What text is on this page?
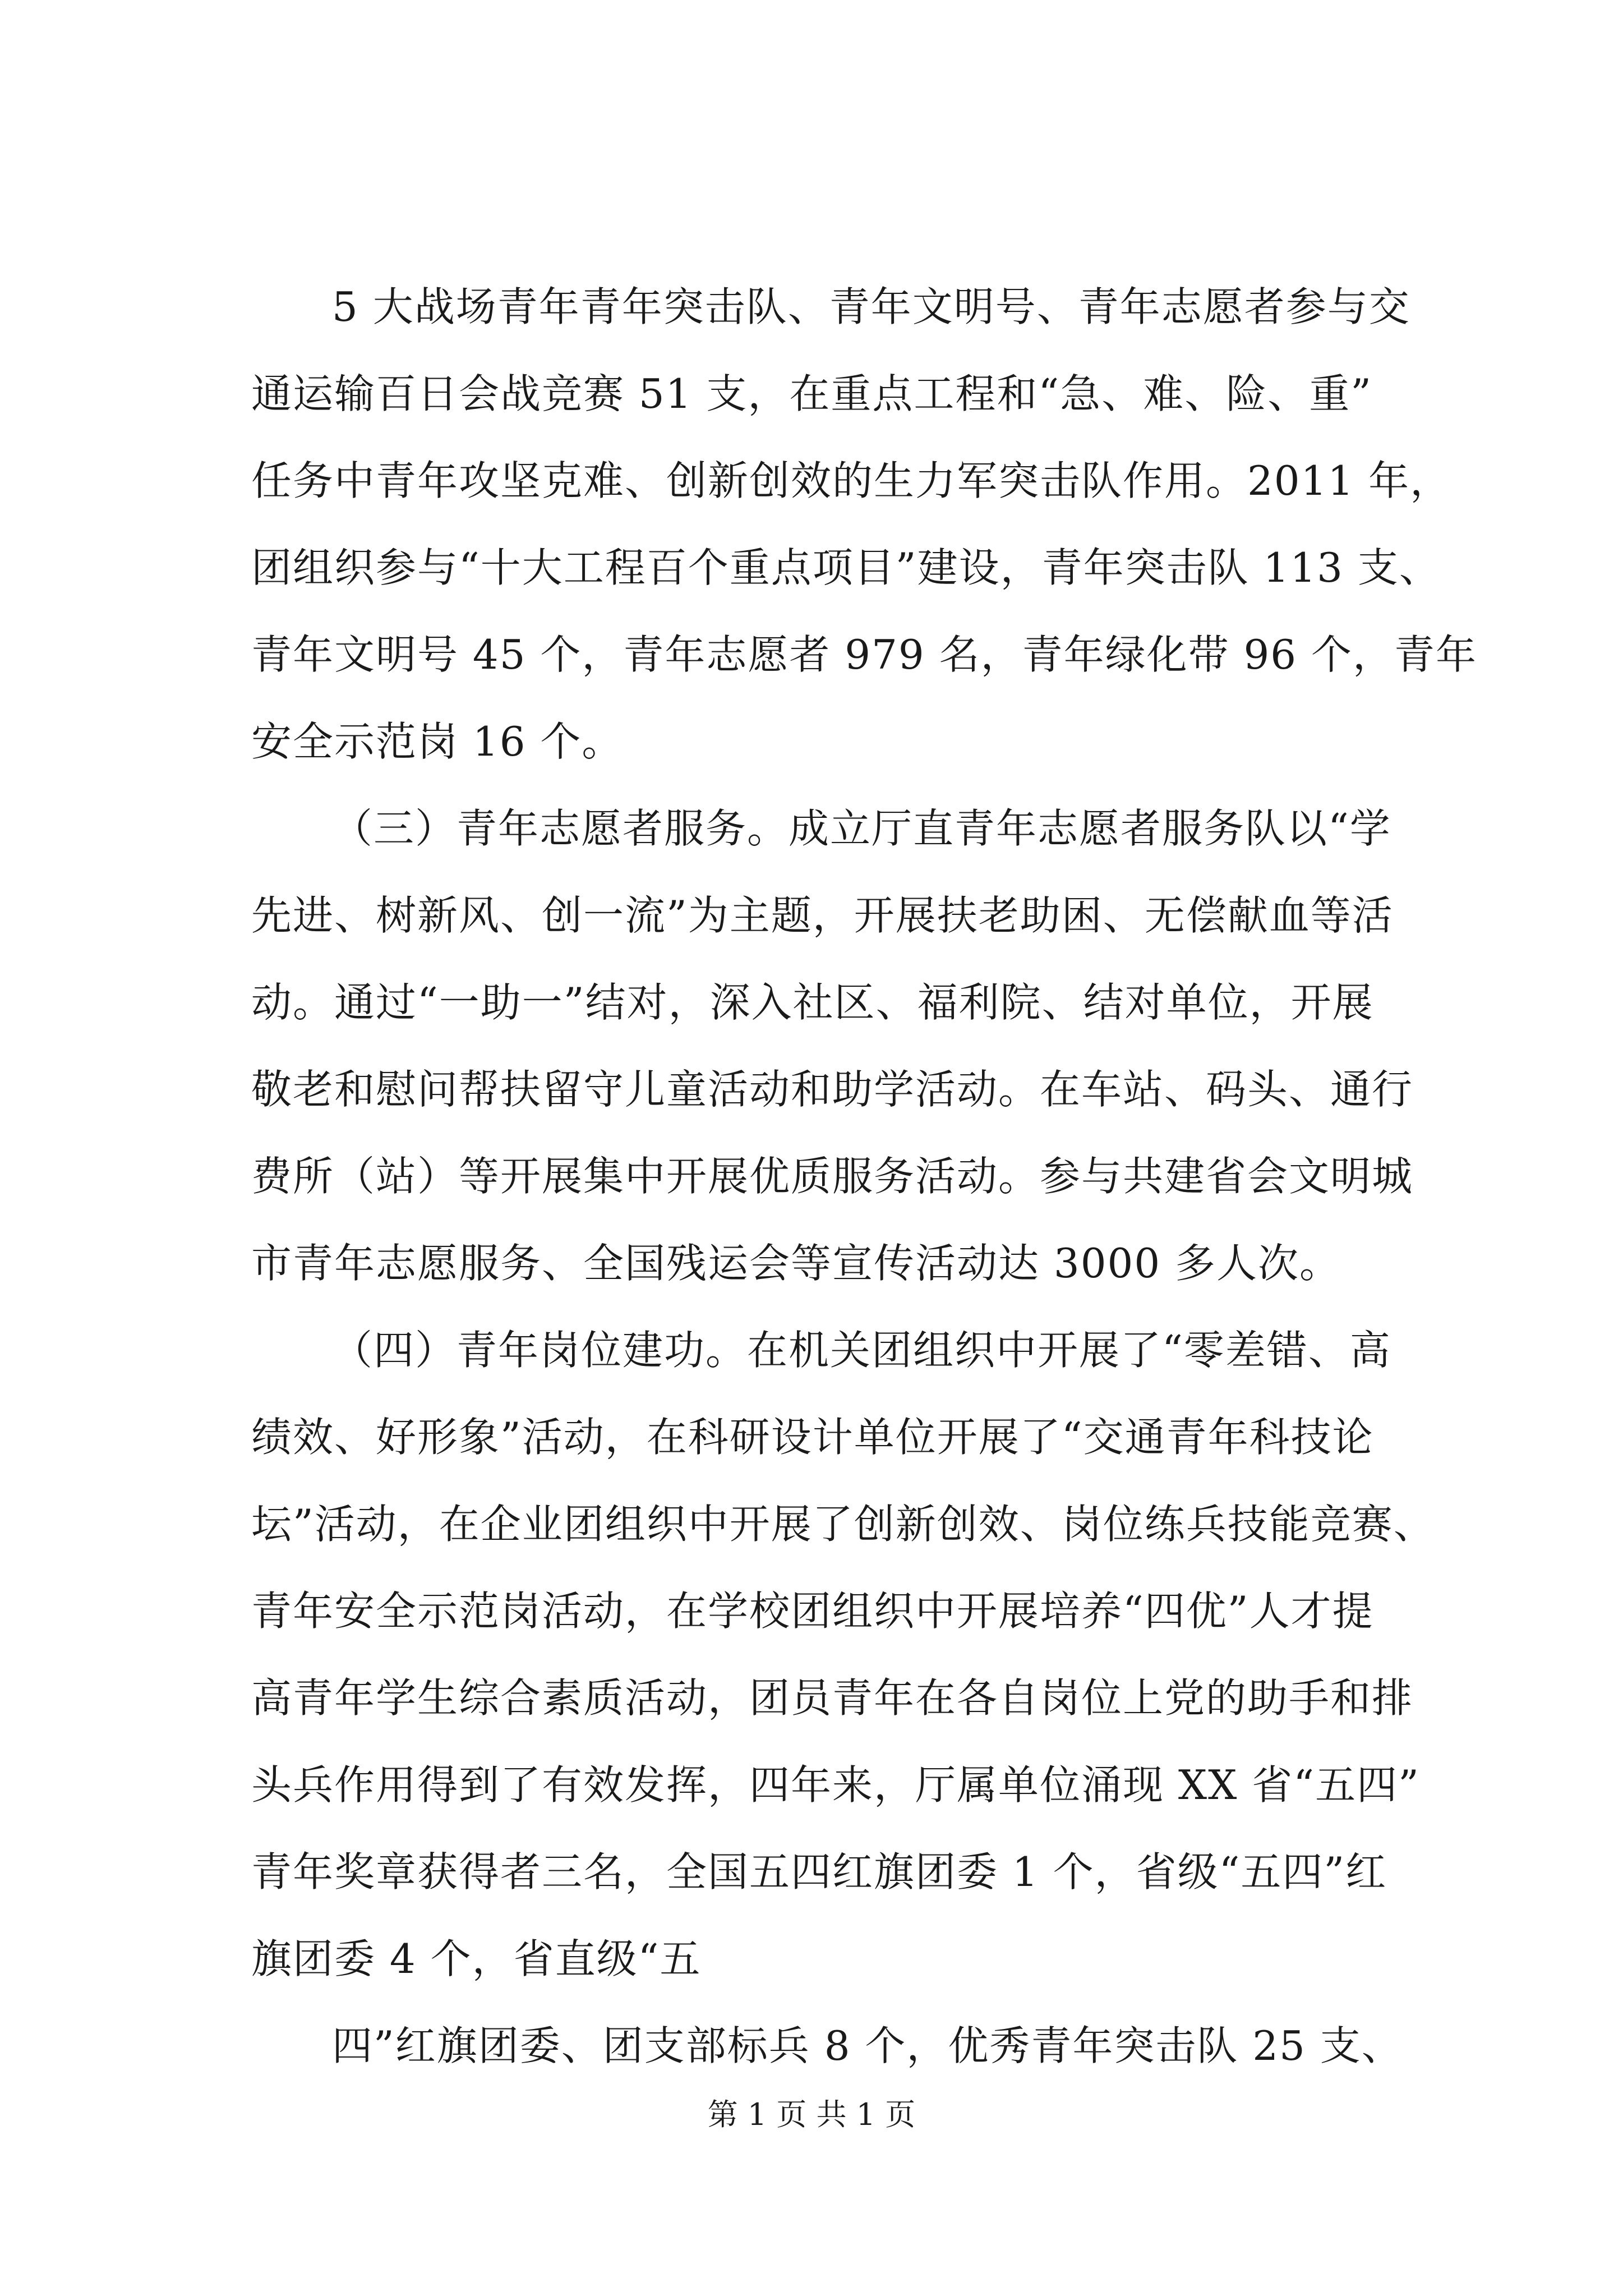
5 大战场青年青年突击队、青年文明号、青年志愿者参与交
通运输百日会战竞赛 51 支，在重点工程和“急、难、险、重”
任务中青年攻坚克难、创新创效的生力军突击队作用。2011 年，
团组织参与“十大工程百个重点项目”建设，青年突击队 113 支、
青年文明号 45 个，青年志愿者 979 名，青年绿化带 96 个，青年
安全示范岗 16 个。
（三）青年志愿者服务。成立厅直青年志愿者服务队以“学
先进、树新风、创一流”为主题，开展扶老助困、无偿献血等活
动。通过“一助一”结对，深入社区、福利院、结对单位，开展
敬老和慰问帮扶留守儿童活动和助学活动。在车站、码头、通行
费所（站）等开展集中开展优质服务活动。参与共建省会文明城
市青年志愿服务、全国残运会等宣传活动达 3000 多人次。
（四）青年岗位建功。在机关团组织中开展了“零差错、高
绩效、好形象”活动，在科研设计单位开展了“交通青年科技论
坛”活动，在企业团组织中开展了创新创效、岗位练兵技能竞赛、
青年安全示范岗活动，在学校团组织中开展培养“四优”人才提
高青年学生综合素质活动，团员青年在各自岗位上党的助手和排
头兵作用得到了有效发挥，四年来，厅属单位涌现 XX 省“五四”
青年奖章获得者三名，全国五四红旗团委 1 个，省级“五四”红
旗团委 4 个，省直级“五
四”红旗团委、团支部标兵 8 个，优秀青年突击队 25 支、
第 1 页 共 1 页
